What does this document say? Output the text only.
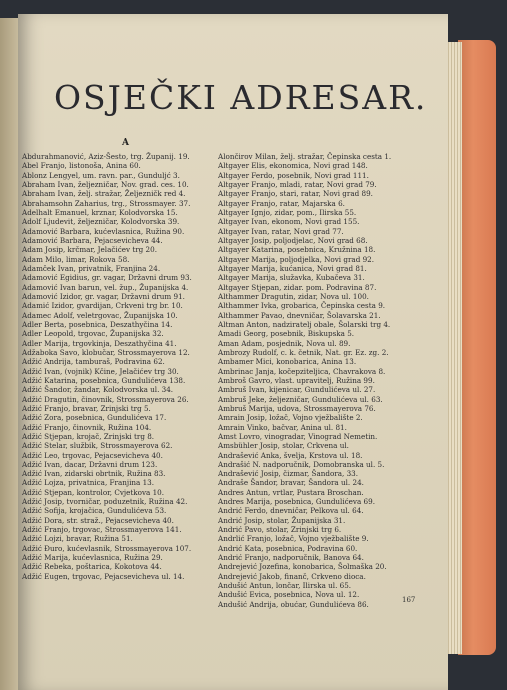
OSJEČKI ADRESAR.
A
Abdurahmanović, Aziz-Šesto, trg. Županij. 19.
Abel Franjo, listonoša, Anina 60.
Ablonz Lengyel, um. ravn. par., Gunduljć 3.
Abraham Ivan, željezničar, Nov. grad. ces. 10.
Abraham Ivan, želj. stražar, Željezničk red 4.
Abrahamsohn Zaharius, trg., Strossmayer. 37.
Adelhalt Emanuel, krznar, Kolodvorska 15.
Adolf Ljudevit, željezničar, Kolodvorska 39.
Adamović Barbara, kućevlasnica, Ružina 90.
Adamović Barbara, Pejacsevicheva 44.
Adam Josip, krčmar, Jelačićev trg 20.
Adam Milo, limar, Rokova 58.
Adamček Ivan, privatnik, Franjina 24.
Adamović Egidius, gr. vagar, Državni drum 93.
Adamović Ivan barun, vel. žup., Županijska 4.
Adamović Izidor, gr. vagar, Državni drum 91.
Adamić Izidor, gvardijan, Crkveni trg br. 10.
Adamec Adolf, veletrgovac, Županijska 10.
Adler Berta, posebnica, Deszathyčina 14.
Adler Leopold, trgovac, Županijska 32.
Adler Marija, trgovkinja, Deszathyčina 41.
Adžaboka Savo, klobučar, Strossmayerova 12.
Adžić Andrija, tamburaš, Podravina 62.
Adžić Ivan, (vojnik) Kčine, Jelačićev trg 30.
Adžić Katarina, posebnica, Gundulićeva 138.
Adžić Šandor, žandar, Kolodvorska ul. 34.
Adžić Dragutin, činovnik, Strossmayerova 26.
Adžić Franjo, bravar, Zrinjski trg 5.
Adžić Zora, posebnica, Gundulićeva 17.
Adžić Franjo, činovnik, Ružina 104.
Adžić Stjepan, krojač, Zrinjski trg 8.
Adžić Stelar, službik, Strossmayerova 62.
Adžić Leo, trgovac, Pejacsevicheva 40.
Adžić Ivan, dacar, Državni drum 123.
Adžić Ivan, zidarski obrtnik, Ružina 83.
Adžić Lojza, privatnica, Franjina 13.
Adžić Stjepan, kontrolor, Cvjetkova 10.
Adžić Josip, tvorničar, poduzetnik, Ružina 42.
Adžić Sofija, krojačica, Gundulićeva 53.
Adžić Dora, str. straž., Pejacsevicheva 40.
Adžić Franjo, trgovac, Strossmayerova 141.
Adžić Lojzi, bravar, Ružina 51.
Adžić Đuro, kućevlasnik, Strossmayerova 107.
Adžić Marija, kućevlasnica, Ružina 29.
Adžić Rebeka, poštarica, Kokotova 44.
Adžić Eugen, trgovac, Pejacsevicheva ul. 14.
Alončirov Milan, želj. stražar, Čepinska cesta 1.
Altgayer Elis, ekonomica, Novi grad 148.
Altgayer Ferdo, posebnik, Novi grad 111.
Altgayer Franjo, mladi, ratar, Novi grad 79.
Altgayer Franjo, stari, ratar, Novi grad 89.
Altgayer Franjo, ratar, Majarska 6.
Altgayer Ignjo, zidar, pom., Ilirska 55.
Altgayer Ivan, ekonom, Novi grad 155.
Altgayer Ivan, ratar, Novi grad 77.
Altgayer Josip, poljodjelac, Novi grad 68.
Altgayer Katarina, posebnica, Kružnina 18.
Altgayer Marija, poljodjelka, Novi grad 92.
Altgayer Marija, kućanica, Novi grad 81.
Altgayer Marija, služavka, Kubačeva 31.
Altgayer Stjepan, zidar. pom. Podravina 87.
Althammer Dragutin, zidar, Nova ul. 100.
Althammer Ivka, grobarica, Čepinska cesta 9.
Althammer Pavao, dnevničar, Šolavarska 21.
Altman Anton, nadziratelj obale, Šolarski trg 4.
Amadi Georg, posebnik, Biskupska 5.
Aman Adam, posjednik, Nova ul. 89.
Ambrozy Rudolf, c. k. četnik, Nat. gr. Ez. zg. 2.
Ambamer Mici, konobarica, Anina 13.
Ambrinac Janja, kočepziteljica, Chavrakova 8.
Ambroš Gavro, vlast. upravitelj, Ružina 99.
Ambruš Ivan, kijenicar, Gundulićeva ul. 27.
Ambruš Jeke, željezničar, Gundulićeva ul. 63.
Ambruš Marija, udova, Strossmayerova 76.
Amrain Josip, ložač, Vojno vježbalište 2.
Amrain Vinko, bačvar, Anina ul. 81.
Amst Lovro, vinogradar, Vinograd Nemetin.
Amsbühler Josip, stolar, Crkvena ul.
Andrašević Anka, švelja, Krstova ul. 18.
Andrašić N. nadporučnik, Domobranska ul. 5.
Andrašević Josip, čizmar, Šandora, 33.
Andraše Šandor, bravar, Šandora ul. 24.
Andres Antun, vrtlar, Pustara Broschan.
Andres Marija, posebnica, Gundulićeva 69.
Andrić Ferdo, dnevničar, Pelkova ul. 64.
Andrić Josip, stolar, Županijska 31.
Andrić Pavo, stolar, Zrinjski trg 6.
Andrlić Franjo, ložač, Vojno vježbalište 9.
Andrić Kata, posebnica, Podravina 60.
Andrić Franjo, nadporučnik, Banova 64.
Andrejević Jozefina, konobarica, Šolmaška 20.
Andrejević Jakob, finanč, Crkveno dioca.
Andušić Antun, lončar, Ilirska ul. 65.
Andušić Evica, posebnica, Nova ul. 12.
Andušić Andrija, obućar, Gundulićeva 86.	167
